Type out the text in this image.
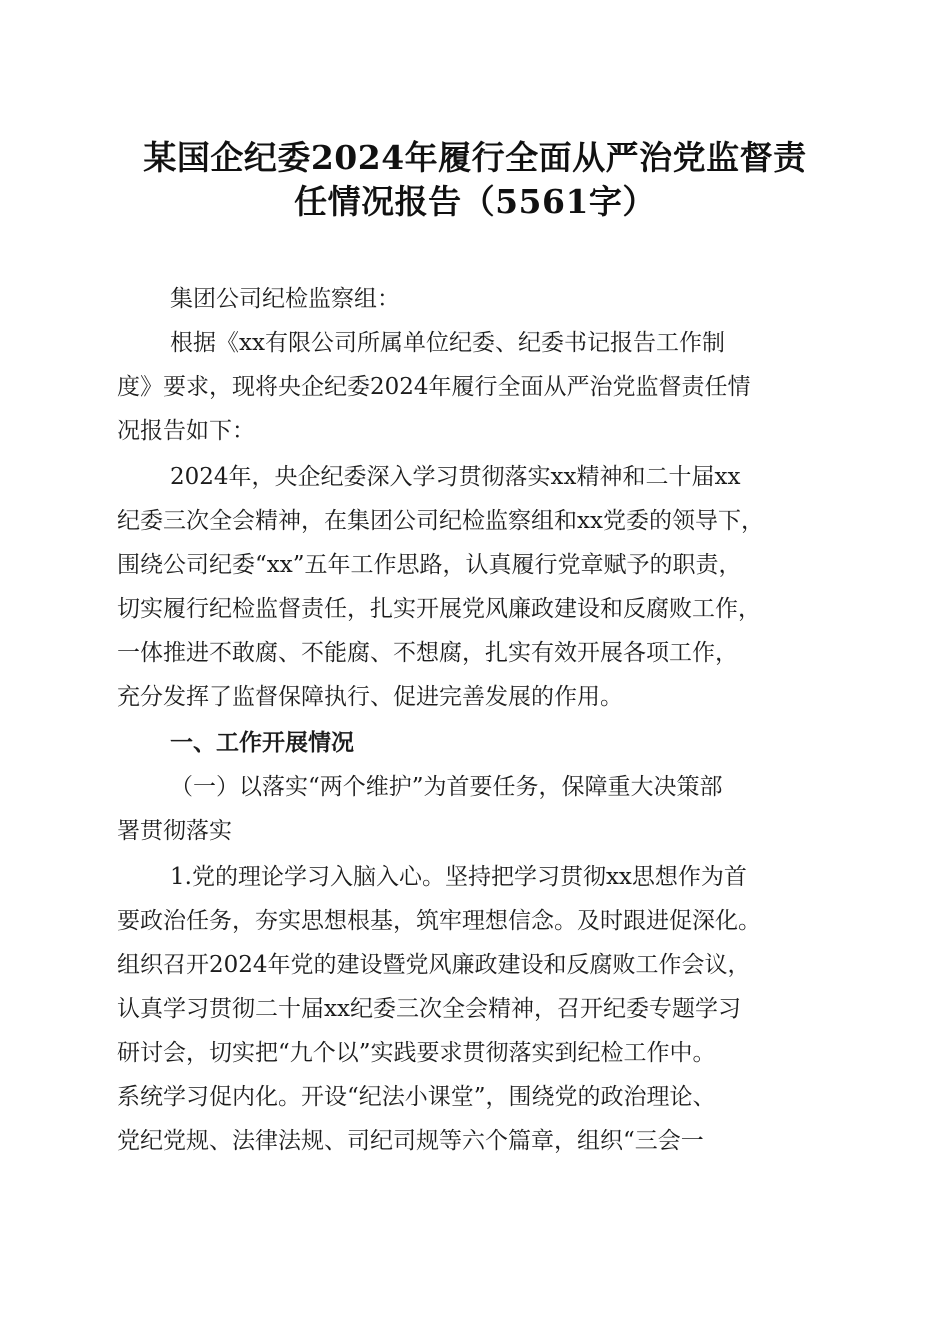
某国企纪委2024年履行全面从严治党监督责
任情况报告（5561字）
集团公司纪检监察组：
根据《xx有限公司所属单位纪委、纪委书记报告工作制
度》要求，现将央企纪委2024年履行全面从严治党监督责任情
况报告如下：
2024年，央企纪委深入学习贯彻落实xx精神和二十届xx
纪委三次全会精神，在集团公司纪检监察组和xx党委的领导下，
围绕公司纪委“xx”五年工作思路，认真履行党章赋予的职责，
切实履行纪检监督责任，扎实开展党风廉政建设和反腐败工作，
一体推进不敢腐、不能腐、不想腐，扎实有效开展各项工作，
充分发挥了监督保障执行、促进完善发展的作用。
一、工作开展情况
（一）以落实“两个维护”为首要任务，保障重大决策部
署贯彻落实
1.党的理论学习入脑入心。坚持把学习贯彻xx思想作为首
要政治任务，夯实思想根基，筑牢理想信念。及时跟进促深化。
组织召开2024年党的建设暨党风廉政建设和反腐败工作会议，
认真学习贯彻二十届xx纪委三次全会精神，召开纪委专题学习
研讨会，切实把“九个以”实践要求贯彻落实到纪检工作中。
系统学习促内化。开设“纪法小课堂”，围绕党的政治理论、
党纪党规、法律法规、司纪司规等六个篇章，组织“三会一
